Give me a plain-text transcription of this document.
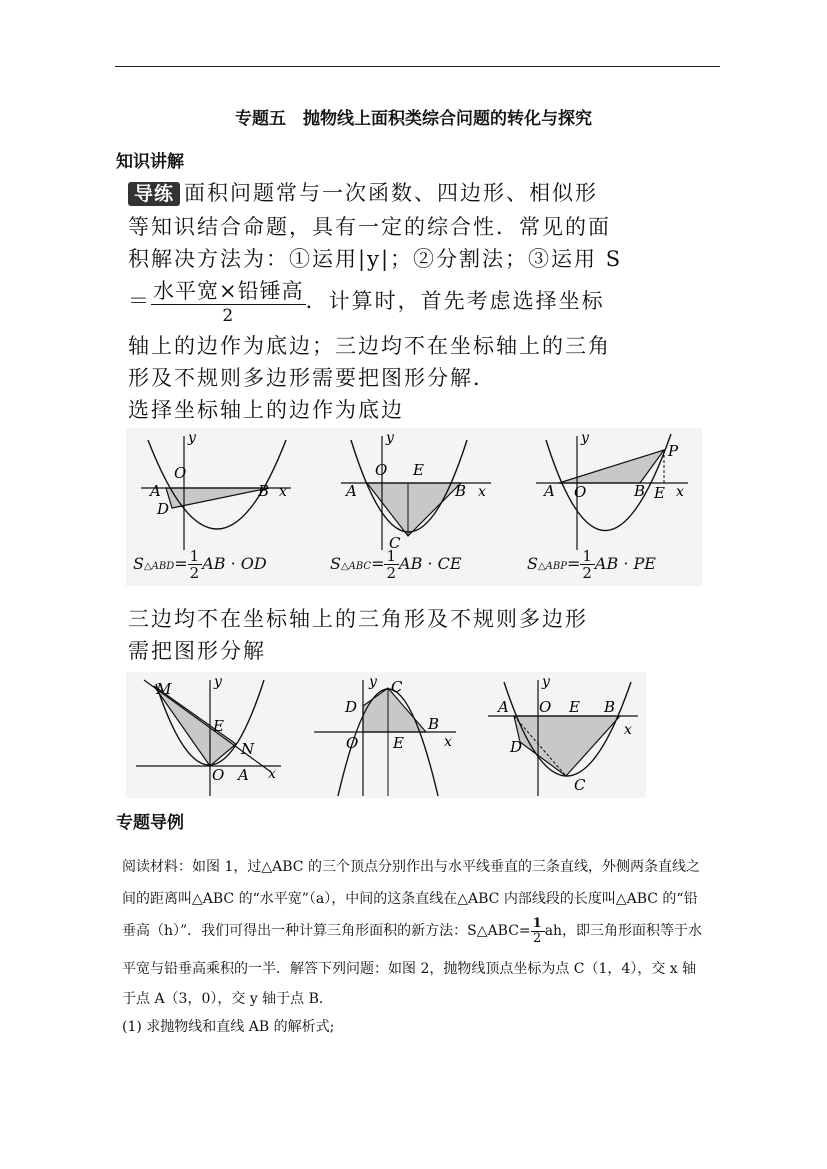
专题五　抛物线上面积类综合问题的转化与探究
知识讲解
导练 面积问题常与一次函数、四边形、相似形
等知识结合命题，具有一定的综合性．常见的面
积解决方法为：①运用|y|；②分割法；③运用 S
＝ $\frac{\text{水平宽×铅锤高}}{2}$ ．计算时，首先考虑选择坐标
轴上的边作为底边；三边均不在坐标轴上的三角
形及不规则多边形需要把图形分解．
选择坐标轴上的边作为底边
y
O
A	B x
D
y
O E
A	B x
C
y
P
A O	B E x
S△ABD= $\frac{1}{2}$ AB · OD	S△ABC= $\frac{1}{2}$ AB · CE	S△ABP= $\frac{1}{2}$ AB · PE
三边均不在坐标轴上的三角形及不规则多边形
需把图形分解
M	y
E
N
O A x
y C
D
B
O E	x
y
A O E B
x
D
C
专题导例
阅读材料：如图 1，过△ABC 的三个顶点分别作出与水平线垂直的三条直线，外侧两条直线之
间的距离叫△ABC 的“水平宽”（a），中间的这条直线在△ABC 内部线段的长度叫△ABC 的“铅
垂高（h）”．我们可得出一种计算三角形面积的新方法：S△ABC= $\frac{1}{2}$ ah，即三角形面积等于水
平宽与铅垂高乘积的一半．解答下列问题：如图 2，抛物线顶点坐标为点 C（1，4），交 x 轴
于点 A（3，0），交 y 轴于点 B．
(1) 求抛物线和直线 AB 的解析式;
